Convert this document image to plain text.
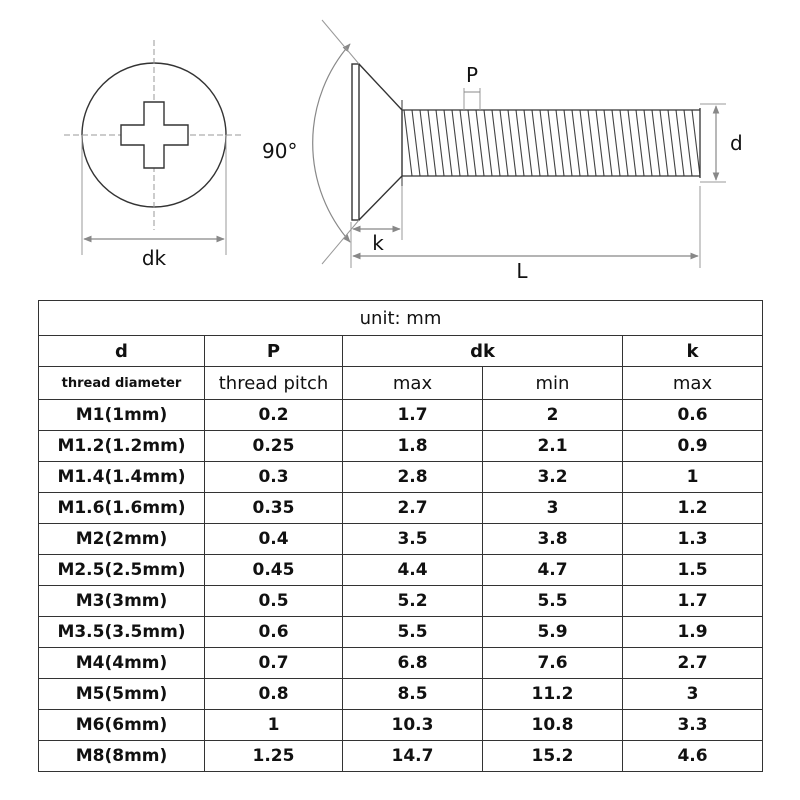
dk
90°
k
P
d
L
unit: mm				
d	P	dk		k
thread diameter	thread pitch	max	min	max
M1(1mm)	0.2	1.7	2	0.6
M1.2(1.2mm)	0.25	1.8	2.1	0.9
M1.4(1.4mm)	0.3	2.8	3.2	1
M1.6(1.6mm)	0.35	2.7	3	1.2
M2(2mm)	0.4	3.5	3.8	1.3
M2.5(2.5mm)	0.45	4.4	4.7	1.5
M3(3mm)	0.5	5.2	5.5	1.7
M3.5(3.5mm)	0.6	5.5	5.9	1.9
M4(4mm)	0.7	6.8	7.6	2.7
M5(5mm)	0.8	8.5	11.2	3
M6(6mm)	1	10.3	10.8	3.3
M8(8mm)	1.25	14.7	15.2	4.6
